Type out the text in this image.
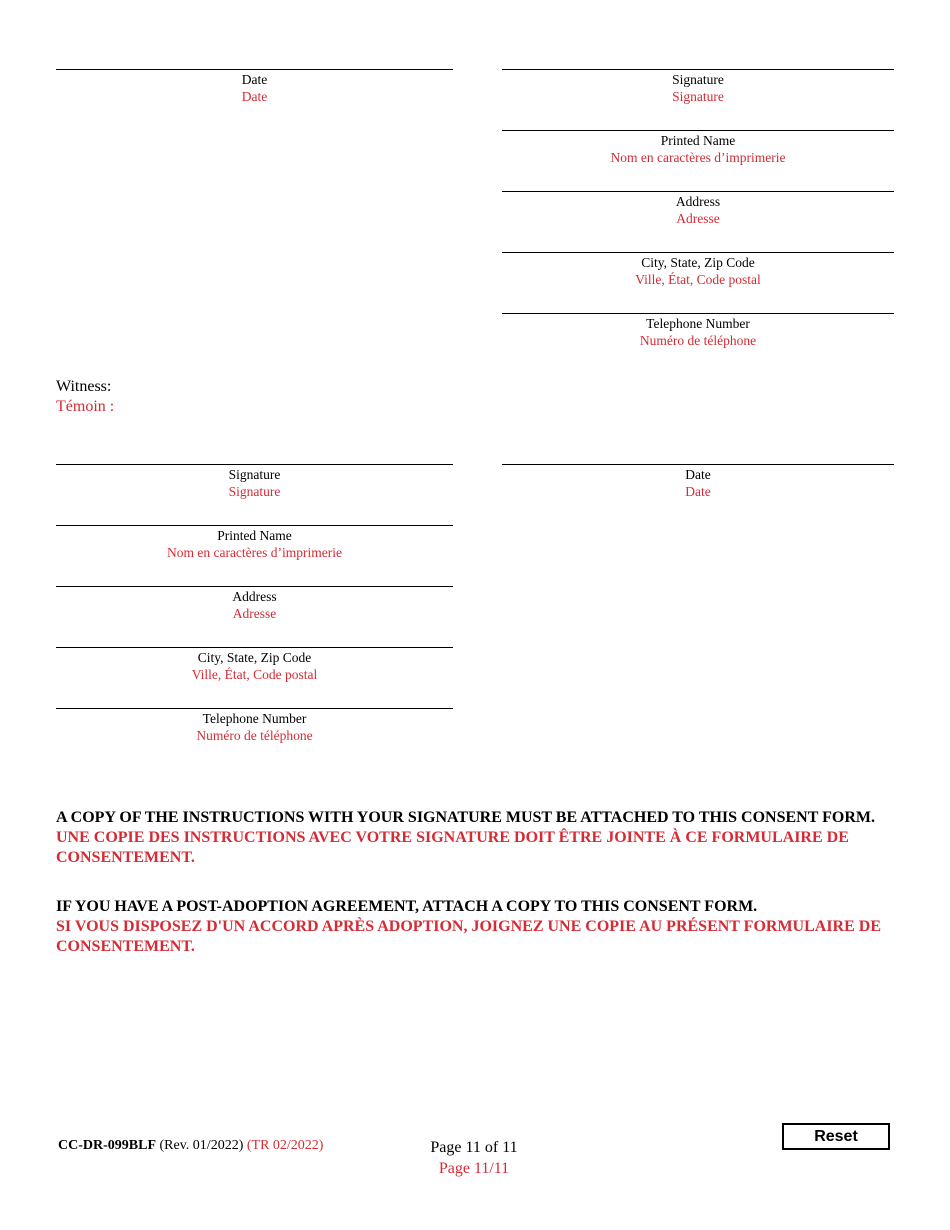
Date
Date
Signature
Signature
Printed Name
Nom en caractères d’imprimerie
Address
Adresse
City, State, Zip Code
Ville, État, Code postal
Telephone Number
Numéro de téléphone
Witness:
Témoin :
Signature
Signature
Printed Name
Nom en caractères d’imprimerie
Address
Adresse
City, State, Zip Code
Ville, État, Code postal
Telephone Number
Numéro de téléphone
Date
Date
A COPY OF THE INSTRUCTIONS WITH YOUR SIGNATURE MUST BE ATTACHED TO THIS CONSENT FORM.
UNE COPIE DES INSTRUCTIONS AVEC VOTRE SIGNATURE DOIT ÊTRE JOINTE À CE FORMULAIRE DE CONSENTEMENT.
IF YOU HAVE A POST-ADOPTION AGREEMENT, ATTACH A COPY TO THIS CONSENT FORM.
SI VOUS DISPOSEZ D'UN ACCORD APRÈS ADOPTION, JOIGNEZ UNE COPIE AU PRÉSENT FORMULAIRE DE CONSENTEMENT.
CC-DR-099BLF (Rev. 01/2022) (TR 02/2022)	Page 11 of 11
Page 11/11
Reset
